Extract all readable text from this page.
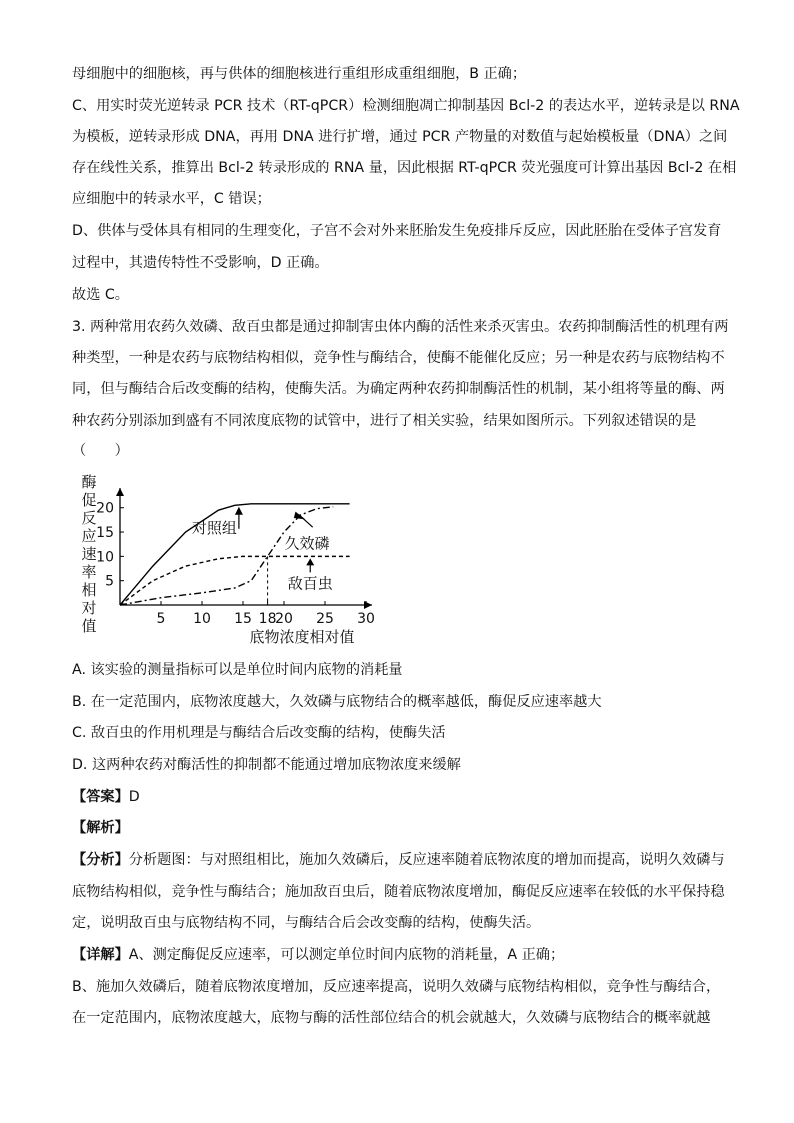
母细胞中的细胞核，再与供体的细胞核进行重组形成重组细胞，B 正确；
C、用实时荧光逆转录 PCR 技术（RT-qPCR）检测细胞凋亡抑制基因 Bcl-2 的表达水平，逆转录是以 RNA
为模板，逆转录形成 DNA，再用 DNA 进行扩增，通过 PCR 产物量的对数值与起始模板量（DNA）之间
存在线性关系，推算出 Bcl-2 转录形成的 RNA 量，因此根据 RT-qPCR 荧光强度可计算出基因 Bcl-2 在相
应细胞中的转录水平，C 错误；
D、供体与受体具有相同的生理变化，子宫不会对外来胚胎发生免疫排斥反应，因此胚胎在受体子宫发育
过程中，其遗传特性不受影响，D 正确。
故选 C。
3. 两种常用农药久效磷、敌百虫都是通过抑制害虫体内酶的活性来杀灭害虫。农药抑制酶活性的机理有两
种类型，一种是农药与底物结构相似，竞争性与酶结合，使酶不能催化反应；另一种是农药与底物结构不
同，但与酶结合后改变酶的结构，使酶失活。为确定两种农药抑制酶活性的机制，某小组将等量的酶、两
种农药分别添加到盛有不同浓度底物的试管中，进行了相关实验，结果如图所示。下列叙述错误的是
（　　）
A. 该实验的测量指标可以是单位时间内底物的消耗量
B. 在一定范围内，底物浓度越大，久效磷与底物结合的概率越低，酶促反应速率越大
C. 敌百虫的作用机理是与酶结合后改变酶的结构，使酶失活
D. 这两种农药对酶活性的抑制都不能通过增加底物浓度来缓解
【答案】D
【解析】
【分析】分析题图：与对照组相比，施加久效磷后，反应速率随着底物浓度的增加而提高，说明久效磷与
底物结构相似，竞争性与酶结合；施加敌百虫后，随着底物浓度增加，酶促反应速率在较低的水平保持稳
定，说明敌百虫与底物结构不同，与酶结合后会改变酶的结构，使酶失活。
【详解】A、测定酶促反应速率，可以测定单位时间内底物的消耗量，A 正确；
B、施加久效磷后，随着底物浓度增加，反应速率提高，说明久效磷与底物结构相似，竞争性与酶结合，
在一定范围内，底物浓度越大，底物与酶的活性部位结合的机会就越大，久效磷与底物结合的概率就越
酶
促
反
应
速
率
相
对
值
底物浓度相对值
5 10 15 18
20 25 30
5
10
15
20
对照组
久效磷
敌百虫
